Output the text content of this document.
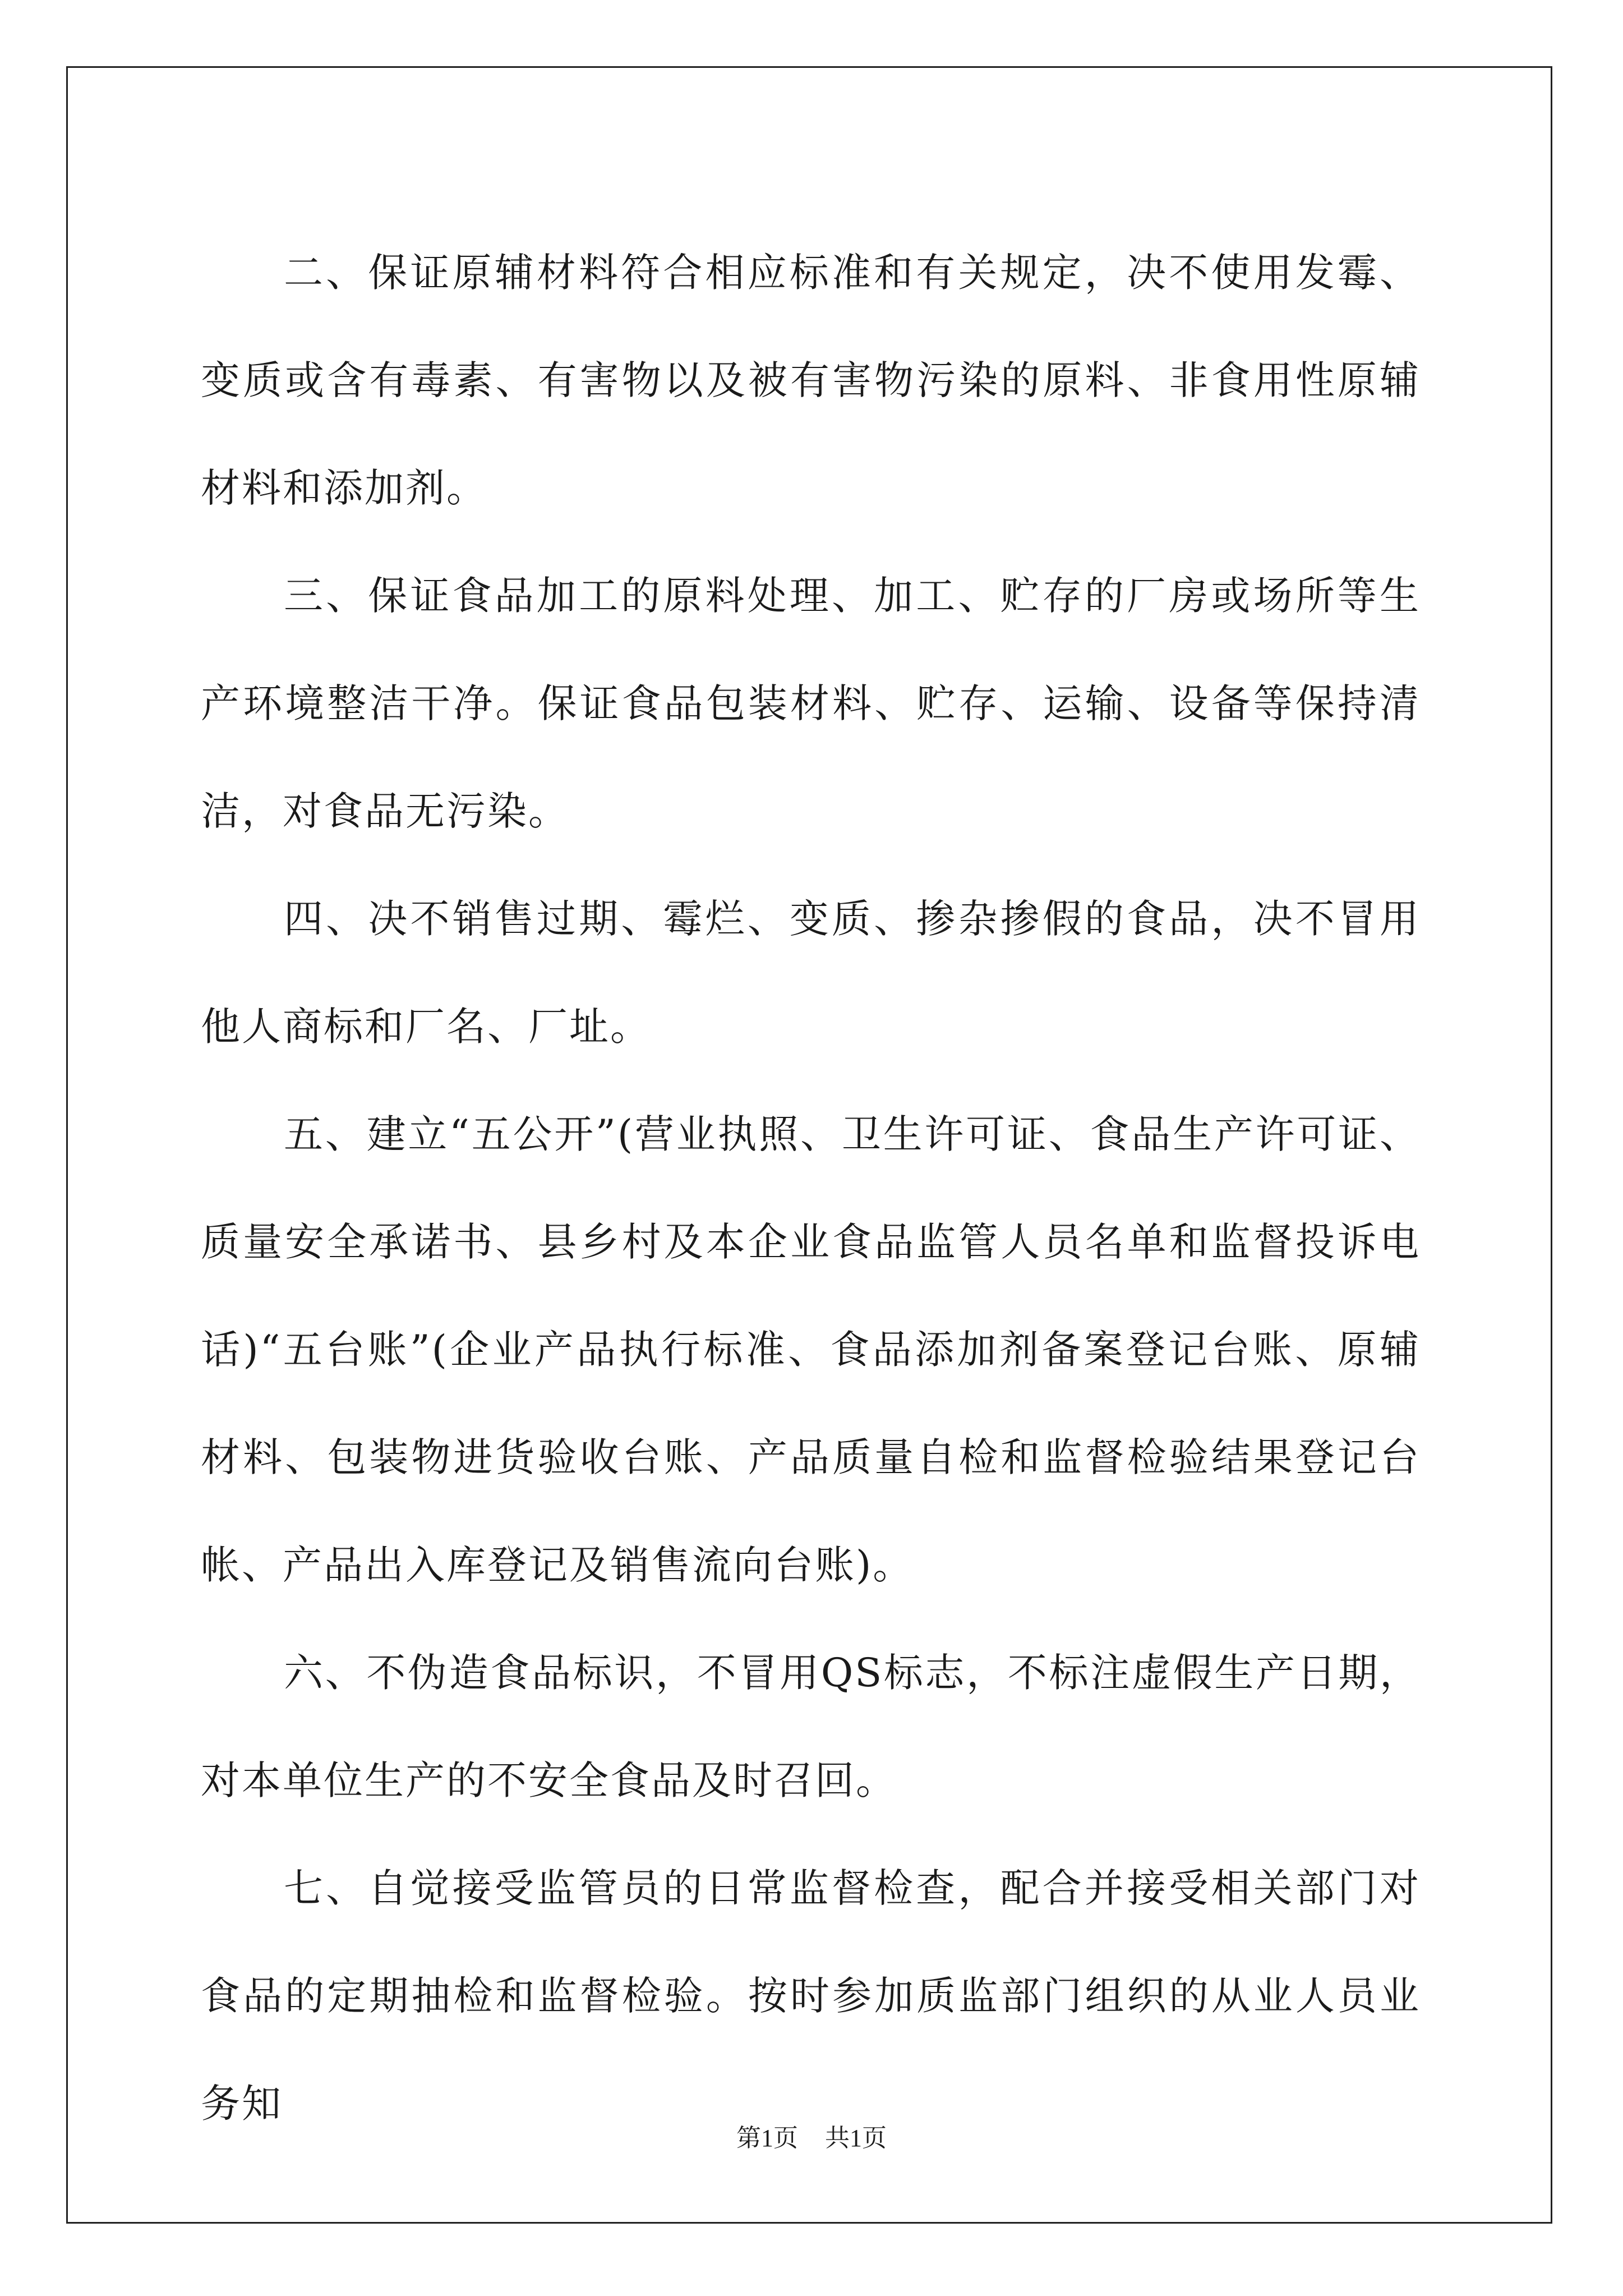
二、保证原辅材料符合相应标准和有关规定，决不使用发霉、变质或含有毒素、有害物以及被有害物污染的原料、非食用性原辅材料和添加剂。

三、保证食品加工的原料处理、加工、贮存的厂房或场所等生产环境整洁干净。保证食品包装材料、贮存、运输、设备等保持清洁，对食品无污染。

四、决不销售过期、霉烂、变质、掺杂掺假的食品，决不冒用他人商标和厂名、厂址。

五、建立“五公开”(营业执照、卫生许可证、食品生产许可证、质量安全承诺书、县乡村及本企业食品监管人员名单和监督投诉电话)“五台账”(企业产品执行标准、食品添加剂备案登记台账、原辅材料、包装物进货验收台账、产品质量自检和监督检验结果登记台帐、产品出入库登记及销售流向台账)。

六、不伪造食品标识，不冒用QS标志，不标注虚假生产日期，对本单位生产的不安全食品及时召回。

七、自觉接受监管员的日常监督检查，配合并接受相关部门对食品的定期抽检和监督检验。按时参加质监部门组织的从业人员业务知

第1页 共1页
